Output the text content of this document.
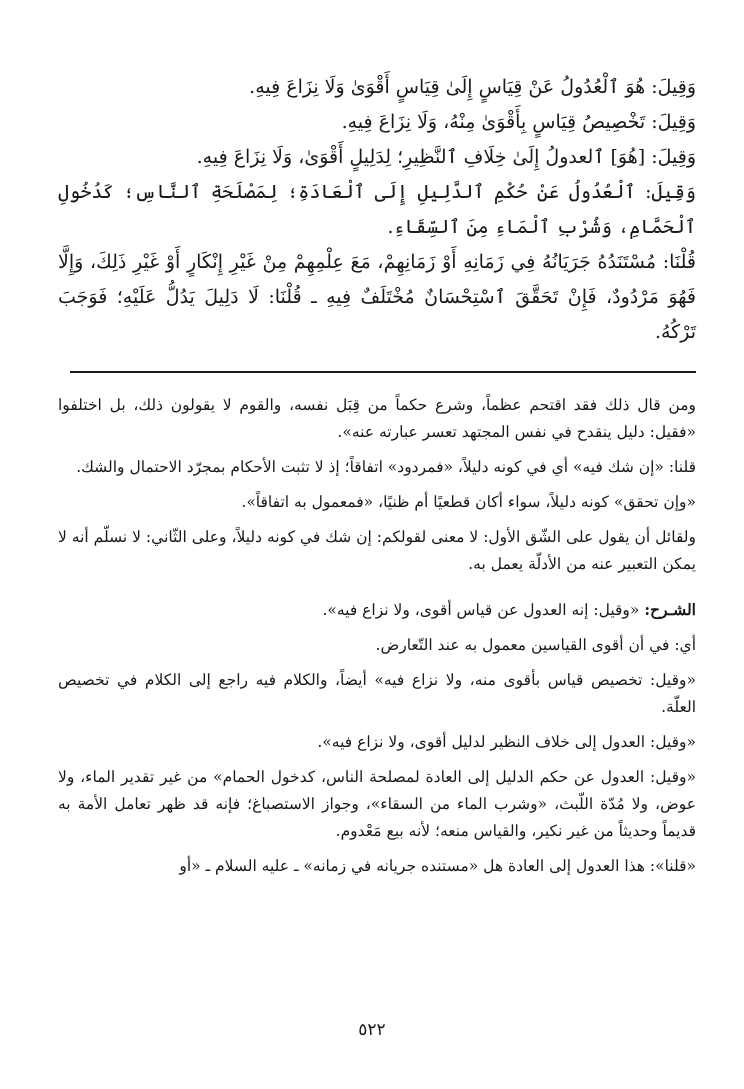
وَقِيلَ: هُوَ ٱلْعُدُولُ عَنْ قِيَاسٍ إِلَىٰ قِيَاسٍ أَقْوَىٰ وَلَا نِزَاعَ فِيهِ.

وَقِيلَ: تَخْصِيصُ قِيَاسٍ بِأَقْوَىٰ مِنْهُ، وَلَا نِزَاعَ فِيهِ.

وَقِيلَ: [هُوَ] ٱلعدولُ إِلَىٰ خِلَافِ ٱلنَّظِيرِ؛ لِدَلِيلٍ أَقْوَىٰ، وَلَا نِزَاعَ فِيهِ.

وَقِيلَ: ٱلْعُدُولُ عَنْ حُكْمِ ٱلدَّلِيلِ إِلَى ٱلْعَادَةِ؛ لِمَصْلَحَةِ ٱلنَّاسِ؛ كَدُخُولِ ٱلْحَمَّامِ، وَشُرْبِ ٱلْمَاءِ مِنَ ٱلسِّقَاءِ.

قُلْنَا: مُسْتَنَدُهُ جَرَيَانُهُ فِي زَمَانِهِ أَوْ زَمَانِهِمْ، مَعَ عِلْمِهِمْ مِنْ غَيْرِ إِنْكَارٍ أَوْ غَيْرِ ذَلِكَ، وَإِلَّا فَهُوَ مَرْدُودٌ، فَإِنْ تَحَقَّقَ ٱسْتِحْسَانٌ مُخْتَلَفٌ فِيهِ ـ قُلْنَا: لَا دَلِيلَ يَدُلُّ عَلَيْهِ؛ فَوَجَبَ تَرْكُهُ.

ومن قال ذلك فقد اقتحم عظماً، وشرع حكماً من قِبَل نفسه، والقوم لا يقولون ذلك، بل اختلفوا «فقيل: دليل ينقدح في نفس المجتهد تعسر عبارته عنه».

قلنا: «إن شك فيه» أي في كونه دليلاً، «فمردود» اتفاقاً؛ إذ لا تثبت الأحكام بمجرّد الاحتمال والشك.

«وإن تحقق» كونه دليلاً، سواء أكان قطعيًا أم ظنيًا، «فمعمول به اتفاقاً».

ولقائل أن يقول على الشّق الأول: لا معنى لقولكم: إن شك في كونه دليلاً، وعلى الثّاني: لا نسلّم أنه لا يمكن التعبير عنه من الأدلّة يعمل به.

الشـرح: «وقيل: إنه العدول عن قياس أقوى، ولا نزاع فيه».

أي: في أن أقوى القياسين معمول به عند التّعارض.

«وقيل: تخصيص قياس بأقوى منه، ولا نزاع فيه» أيضاً، والكلام فيه راجع إلى الكلام في تخصيص العلّة.

«وقيل: العدول إلى خلاف النظير لدليل أقوى، ولا نزاع فيه».

«وقيل: العدول عن حكم الدليل إلى العادة لمصلحة الناس، كدخول الحمام» من غير تقدير الماء، ولا عوض، ولا مُدّة اللّبث، «وشرب الماء من السقاء»، وجواز الاستصباغ؛ فإنه قد ظهر تعامل الأمة به قديماً وحديثاً من غير نكير، والقياس منعه؛ لأنه بيع مَعْدوم.

«قلنا»: هذا العدول إلى العادة هل «مستنده جريانه في زمانه» ـ عليه السلام ـ «أو

٥٢٢
